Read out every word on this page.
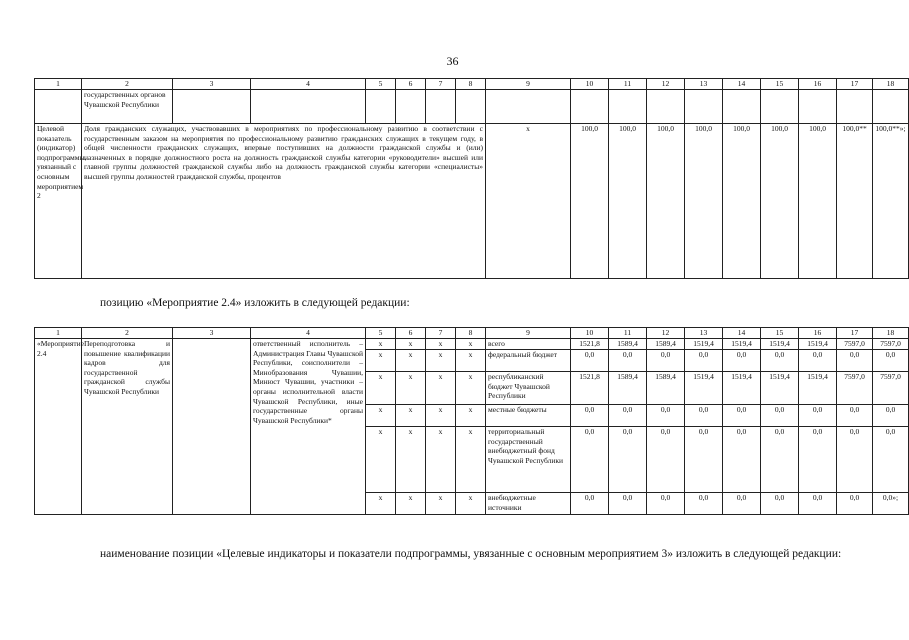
36
1	2	3	4	5	6	7	8	9	10	11	12	13	14	15	16	17	18
	государственных органов Чувашской Республики																
Целевой показатель (индикатор) подпрограммы, увязанный с основным мероприятием 2	Доля гражданских служащих, участвовавших в мероприятиях по профессиональному развитию в соответствии с государственным заказом на мероприятия по профессиональному развитию гражданских служащих в текущем году, в общей численности гражданских служащих, впервые поступивших на должности гражданской службы и (или) назначенных в порядке должностного роста на должность гражданской службы категории «руководители» высшей или главной группы должностей гражданской службы либо на должность гражданской службы категории «специалисты» высшей группы должностей гражданской службы, процентов							x	100,0	100,0	100,0	100,0	100,0	100,0	100,0	100,0**	100,0**»;
позицию «Мероприятие 2.4» изложить в следующей редакции:
1	2	3	4	5	6	7	8	9	10	11	12	13	14	15	16	17	18
«Мероприятие 2.4	Переподготовка и повышение квалификации кадров для государственной гражданской службы Чувашской Республики		ответственный исполнитель – Администрация Главы Чувашской Республики, соисполнители – Минобразования Чувашии, Минюст Чувашии, участники – органы исполнительной власти Чувашской Республики, иные государственные органы Чувашской Республики*	x	x	x	x	всего	1521,8	1589,4	1589,4	1519,4	1519,4	1519,4	1519,4	7597,0	7597,0
				x	x	x	x	федеральный бюджет	0,0	0,0	0,0	0,0	0,0	0,0	0,0	0,0	0,0
				x	x	x	x	республиканский бюджет Чувашской Республики	1521,8	1589,4	1589,4	1519,4	1519,4	1519,4	1519,4	7597,0	7597,0
				x	x	x	x	местные бюджеты	0,0	0,0	0,0	0,0	0,0	0,0	0,0	0,0	0,0
				x	x	x	x	территориальный государственный внебюджетный фонд Чувашской Республики	0,0	0,0	0,0	0,0	0,0	0,0	0,0	0,0	0,0
				x	x	x	x	внебюджетные источники	0,0	0,0	0,0	0,0	0,0	0,0	0,0	0,0	0,0»;
наименование позиции «Целевые индикаторы и показатели подпрограммы, увязанные с основным мероприятием 3» изложить в следующей редакции:
